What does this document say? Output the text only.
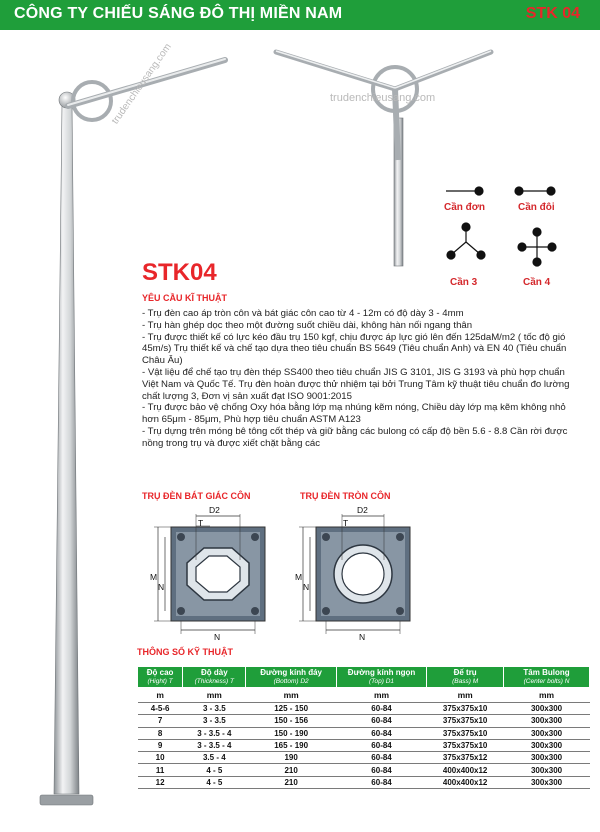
CÔNG TY CHIẾU SÁNG ĐÔ THỊ MIỀN NAM	STK 04
D2
T
M
N
N
D2
T
M
N
N
trudenchieusang.com
trudenchieusang.com
Cần đơn	Cần đôi
Cần 3	Cần 4
STK04
YÊU CẦU KĨ THUẬT
- Trụ đèn cao áp tròn côn và bát giác côn cao từ 4 - 12m có độ dày 3 - 4mm
- Trụ hàn ghép dọc theo một đường suốt chiều dài, không hàn nối ngang thân
- Trụ được thiết kế có lực kéo đầu trụ 150 kgf, chịu được áp lực gió lên đến 125daM/m2 ( tốc độ gió 45m/s) Trụ thiết kế và chế tạo dựa theo tiêu chuẩn BS 5649 (Tiêu chuẩn Anh) và EN 40 (Tiêu chuẩn Châu Âu)
- Vật liệu để chế tạo trụ đèn thép SS400 theo tiêu chuẩn JIS G 3101, JIS G 3193 và phù hợp chuẩn Việt Nam và Quốc Tế. Trụ đèn hoàn được thử nhiệm tại bởi Trung Tâm kỹ thuật tiêu chuẩn đo lường chất lượng 3, Đơn vị sản xuất đạt ISO 9001:2015
- Trụ được bảo vệ chống Oxy hóa bằng lớp mạ nhúng kẽm nóng, Chiều dày lớp mạ kẽm không nhỏ hơn 65μm - 85μm, Phù hợp tiêu chuẩn ASTM A123
- Trụ dựng trên móng bê tông cốt thép và giữ bằng các bulong có cấp độ bền 5.6 - 8.8 Cần rời được nồng trong trụ và được xiết chặt bằng các
TRỤ ĐÈN BÁT GIÁC CÔN	TRỤ ĐÈN TRÒN CÔN
THÔNG SỐ KỸ THUẬT
Độ cao
(Hight) T	Độ dày
(Thickness) T	Đường kính đáy
(Bottom) D2	Đường kính ngọn
(Top) D1	Đế trụ
(Bass) M	Tâm Bulong
(Center bolts) N

m	mm	mm	mm	mm	mm
4-5-6	3 - 3.5	125 - 150	60-84	375x375x10	300x300
7	3 - 3.5	150 - 156	60-84	375x375x10	300x300
8	3 - 3.5 - 4	150 - 190	60-84	375x375x10	300x300
9	3 - 3.5 - 4	165 - 190	60-84	375x375x10	300x300
10	3.5 - 4	190	60-84	375x375x12	300x300
11	4 - 5	210	60-84	400x400x12	300x300
12	4 - 5	210	60-84	400x400x12	300x300
